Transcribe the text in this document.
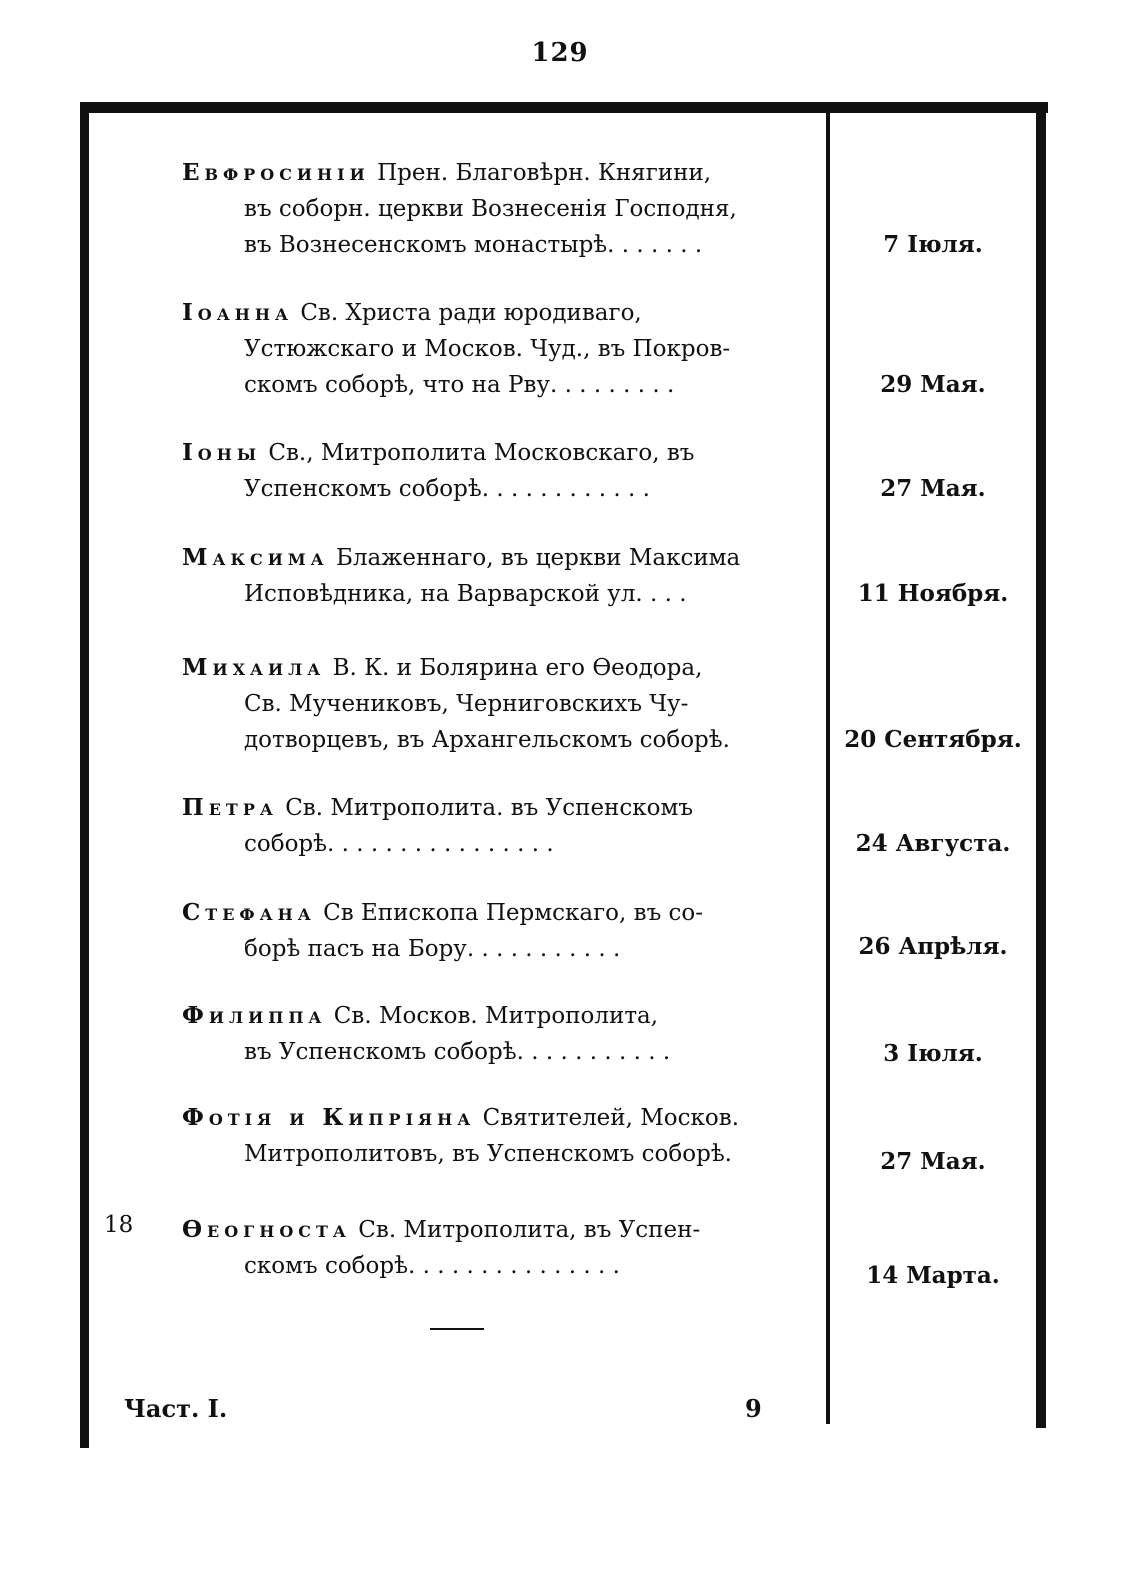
129
Евфросиніи Прен. Благовѣрн. Княгини,
въ соборн. церкви Вознесенія Господня,
въ Вознесенскомъ монастырѣ. . . . . . .	7 Іюля.
Іоанна Св. Христа ради юродиваго,
Устюжскаго и Москов. Чуд., въ Покров-
скомъ соборѣ, что на Рву. . . . . . . . .	29 Мая.
Іоны Св., Митрополита Московскаго, въ
Успенскомъ соборѣ. . . . . . . . . . . .	27 Мая.
Максима Блаженнаго, въ церкви Максима
Исповѣдника, на Варварской ул. . . .	11 Ноября.
Михаила В. К. и Болярина его Ѳеодора,
Св. Мучениковъ, Черниговскихъ Чу-
дотворцевъ, въ Архангельскомъ соборѣ.	20 Сентября.
Петра Св. Митрополита. въ Успенскомъ
соборѣ. . . . . . . . . . . . . . . .	24 Августа.
Стефана Св Епископа Пермскаго, въ со-
борѣ пасъ на Бору. . . . . . . . . . .	26 Апрѣля.
Филиппа Св. Москов. Митрополита,
въ Успенскомъ соборѣ. . . . . . . . . . .	3 Іюля.
Фотія и Кипріяна Святителей, Москов.
Митрополитовъ, въ Успенскомъ соборѣ.	27 Мая.
18 Ѳеогноста Св. Митрополита, въ Успен-
скомъ соборѣ. . . . . . . . . . . . . . .	14 Марта.
Част. I.	9
